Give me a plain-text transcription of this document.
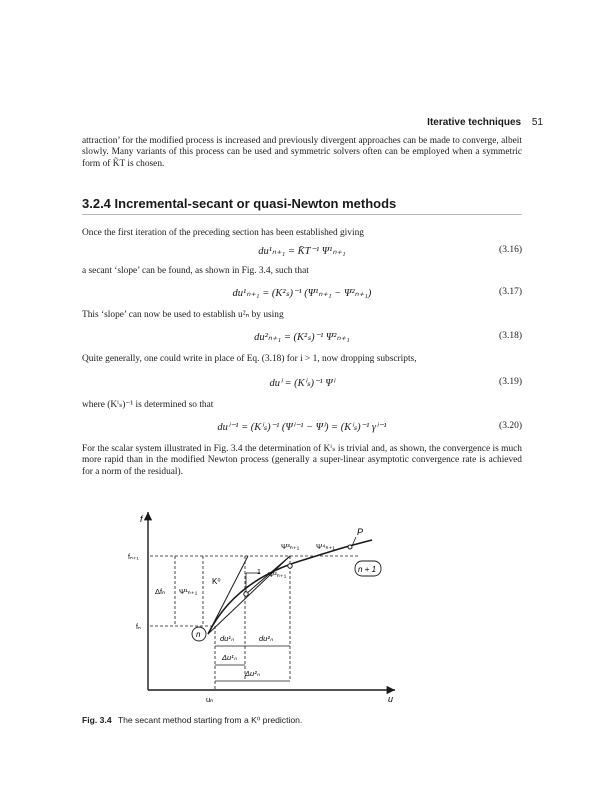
Iterative techniques 51
attraction’ for the modified process is increased and previously divergent approaches can be made to converge, albeit slowly. Many variants of this process can be used and symmetric solvers often can be employed when a symmetric form of K̃T is chosen.
3.2.4 Incremental-secant or quasi-Newton methods
Once the first iteration of the preceding section has been established giving
du¹ₙ₊₁ = K̄T⁻¹ Ψ¹ₙ₊₁	(3.16)
a secant ‘slope’ can be found, as shown in Fig. 3.4, such that
du¹ₙ₊₁ = (K²ₛ)⁻¹ (Ψ¹ₙ₊₁ − Ψ²ₙ₊₁)	(3.17)
This ‘slope’ can now be used to establish u²ₙ by using
du²ₙ₊₁ = (K²ₛ)⁻¹ Ψ²ₙ₊₁	(3.18)
Quite generally, one could write in place of Eq. (3.18) for i > 1, now dropping subscripts,
duⁱ = (Kⁱₛ)⁻¹ Ψⁱ	(3.19)
where (Kⁱₛ)⁻¹ is determined so that
duⁱ⁻¹ = (Kⁱₛ)⁻¹ (Ψⁱ⁻¹ − Ψⁱ) = (Kⁱₛ)⁻¹ γⁱ⁻¹	(3.20)
For the scalar system illustrated in Fig. 3.4 the determination of Kⁱₛ is trivial and, as shown, the convergence is much more rapid than in the modified Newton process (generally a super-linear asymptotic convergence rate is achieved for a norm of the residual).
f
u
n
n + 1
P
fₙ₊₁
fₙ
Δfₙ Ψ¹ₙ₊₁
Ψ²ₙ₊₁
Ψ³ₙ₊₁ Ψ⁴ₙ₊₁
K⁰
1
du¹ₙ	du²ₙ
Δu¹ₙ
Δu²ₙ
uₙ
Fig. 3.4 The secant method starting from a K⁰ prediction.
